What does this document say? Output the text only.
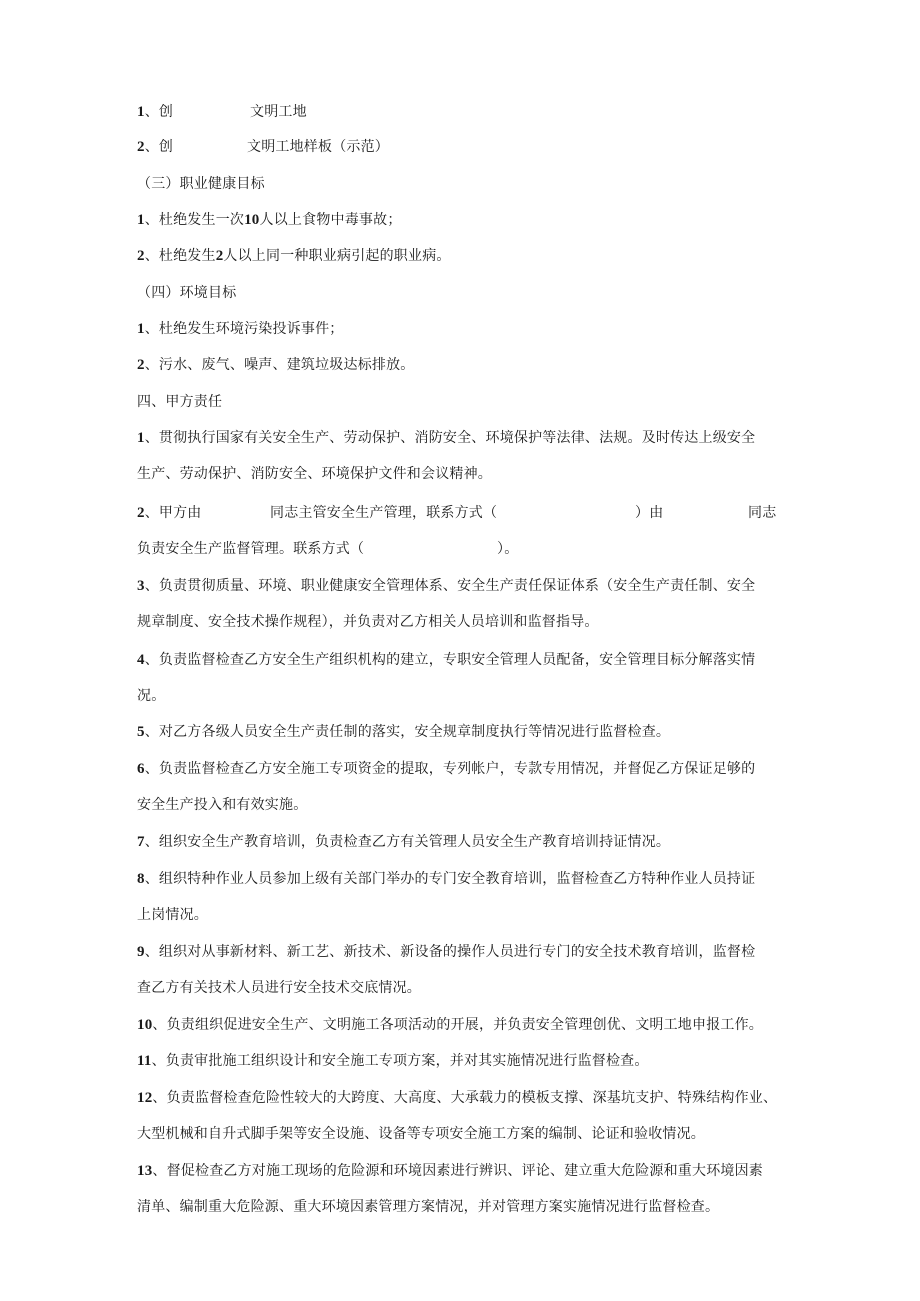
1、创	文明工地
2、创	文明工地样板（示范）
（三）职业健康目标
1、杜绝发生一次10人以上食物中毒事故；
2、杜绝发生2人以上同一种职业病引起的职业病。
（四）环境目标
1、杜绝发生环境污染投诉事件；
2、污水、废气、噪声、建筑垃圾达标排放。
四、甲方责任
1、贯彻执行国家有关安全生产、劳动保护、消防安全、环境保护等法律、法规。及时传达上级安全
生产、劳动保护、消防安全、环境保护文件和会议精神。
2、甲方由	同志主管安全生产管理，联系方式（	）由	同志
负责安全生产监督管理。联系方式（	）。
3、负责贯彻质量、环境、职业健康安全管理体系、安全生产责任保证体系（安全生产责任制、安全
规章制度、安全技术操作规程），并负责对乙方相关人员培训和监督指导。
4、负责监督检查乙方安全生产组织机构的建立，专职安全管理人员配备，安全管理目标分解落实情
况。
5、对乙方各级人员安全生产责任制的落实，安全规章制度执行等情况进行监督检查。
6、负责监督检查乙方安全施工专项资金的提取，专列帐户，专款专用情况，并督促乙方保证足够的
安全生产投入和有效实施。
7、组织安全生产教育培训，负责检查乙方有关管理人员安全生产教育培训持证情况。
8、组织特种作业人员参加上级有关部门举办的专门安全教育培训，监督检查乙方特种作业人员持证
上岗情况。
9、组织对从事新材料、新工艺、新技术、新设备的操作人员进行专门的安全技术教育培训，监督检
查乙方有关技术人员进行安全技术交底情况。
10、负责组织促进安全生产、文明施工各项活动的开展，并负责安全管理创优、文明工地申报工作。
11、负责审批施工组织设计和安全施工专项方案，并对其实施情况进行监督检查。
12、负责监督检查危险性较大的大跨度、大高度、大承载力的模板支撑、深基坑支护、特殊结构作业、
大型机械和自升式脚手架等安全设施、设备等专项安全施工方案的编制、论证和验收情况。
13、督促检查乙方对施工现场的危险源和环境因素进行辨识、评论、建立重大危险源和重大环境因素
清单、编制重大危险源、重大环境因素管理方案情况，并对管理方案实施情况进行监督检查。
